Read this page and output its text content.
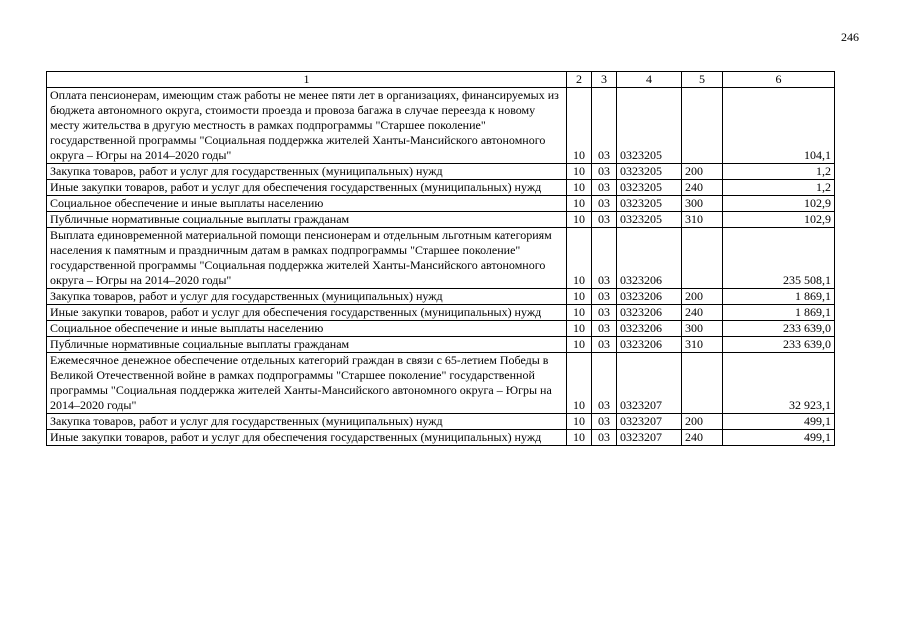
246
1	2	3	4	5	6
Оплата пенсионерам, имеющим стаж работы не менее пяти лет в организациях, финансируемых из бюджета автономного округа, стоимости проезда и провоза багажа в случае переезда к новому месту жительства в другую местность в рамках подпрограммы "Старшее поколение" государственной программы "Социальная поддержка жителей Ханты-Мансийского автономного округа – Югры на 2014–2020 годы"	10	03	0323205		104,1
Закупка товаров, работ и услуг для государственных (муниципальных) нужд	10	03	0323205	200	1,2
Иные закупки товаров, работ и услуг для обеспечения государственных (муниципальных) нужд	10	03	0323205	240	1,2
Социальное обеспечение и иные выплаты населению	10	03	0323205	300	102,9
Публичные нормативные социальные выплаты гражданам	10	03	0323205	310	102,9
Выплата единовременной материальной помощи пенсионерам и отдельным льготным категориям населения к памятным и праздничным датам в рамках подпрограммы "Старшее поколение" государственной программы "Социальная поддержка жителей Ханты-Мансийского автономного округа – Югры на 2014–2020 годы"	10	03	0323206		235 508,1
Закупка товаров, работ и услуг для государственных (муниципальных) нужд	10	03	0323206	200	1 869,1
Иные закупки товаров, работ и услуг для обеспечения государственных (муниципальных) нужд	10	03	0323206	240	1 869,1
Социальное обеспечение и иные выплаты населению	10	03	0323206	300	233 639,0
Публичные нормативные социальные выплаты гражданам	10	03	0323206	310	233 639,0
Ежемесячное денежное обеспечение отдельных категорий граждан в связи с 65-летием Победы в Великой Отечественной войне в рамках подпрограммы "Старшее поколение" государственной программы "Социальная поддержка жителей Ханты-Мансийского автономного округа – Югры на 2014–2020 годы"	10	03	0323207		32 923,1
Закупка товаров, работ и услуг для государственных (муниципальных) нужд	10	03	0323207	200	499,1
Иные закупки товаров, работ и услуг для обеспечения государственных (муниципальных) нужд	10	03	0323207	240	499,1
